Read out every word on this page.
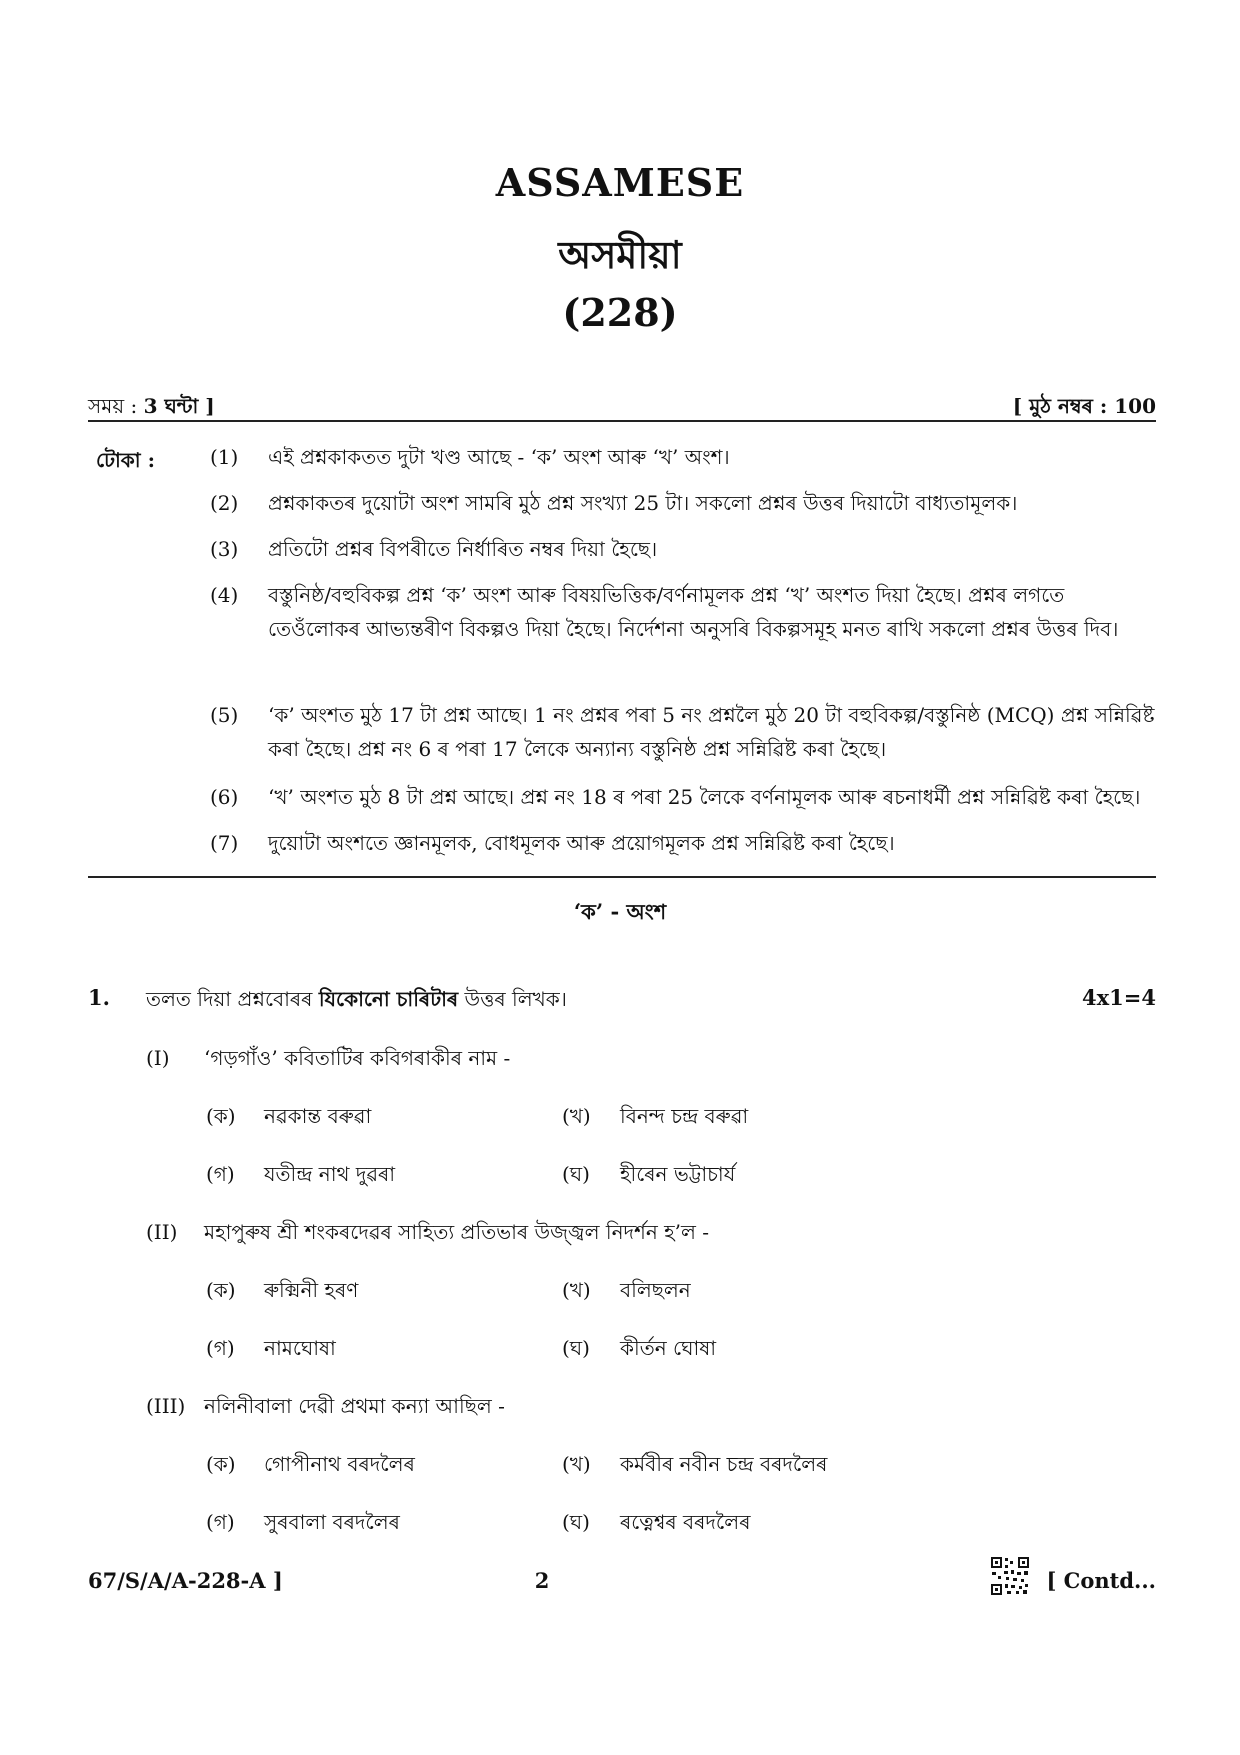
ASSAMESE
অসমীয়া
(228)
সময় : 3 ঘন্টা ]	[ মুঠ নম্বৰ : 100
টোকা :	(1)	এই প্ৰশ্নকাকতত দুটা খণ্ড আছে - ‘ক’ অংশ আৰু ‘খ’ অংশ।
(2)	প্ৰশ্নকাকতৰ দুয়োটা অংশ সামৰি মুঠ প্ৰশ্ন সংখ্যা 25 টা। সকলো প্ৰশ্নৰ উত্তৰ দিয়াটো বাধ্যতামূলক।
(3)	প্ৰতিটো প্ৰশ্নৰ বিপৰীতে নিৰ্ধাৰিত নম্বৰ দিয়া হৈছে।
(4)	বস্তুনিষ্ঠ/বহুবিকল্প প্ৰশ্ন ‘ক’ অংশ আৰু বিষয়ভিত্তিক/বৰ্ণনামূলক প্ৰশ্ন ‘খ’ অংশত দিয়া হৈছে। প্ৰশ্নৰ লগতে তেওঁলোকৰ আভ্যন্তৰীণ বিকল্পও দিয়া হৈছে। নিৰ্দেশনা অনুসৰি বিকল্পসমূহ মনত ৰাখি সকলো প্ৰশ্নৰ উত্তৰ দিব।
(5)	‘ক’ অংশত মুঠ 17 টা প্ৰশ্ন আছে। 1 নং প্ৰশ্নৰ পৰা 5 নং প্ৰশ্নলৈ মুঠ 20 টা বহুবিকল্প/বস্তুনিষ্ঠ (MCQ) প্ৰশ্ন সন্নিৱিষ্ট কৰা হৈছে। প্ৰশ্ন নং 6 ৰ পৰা 17 লৈকে অন্যান্য বস্তুনিষ্ঠ প্ৰশ্ন সন্নিৱিষ্ট কৰা হৈছে।
(6)	‘খ’ অংশত মুঠ 8 টা প্ৰশ্ন আছে। প্ৰশ্ন নং 18 ৰ পৰা 25 লৈকে বৰ্ণনামূলক আৰু ৰচনাধৰ্মী প্ৰশ্ন সন্নিৱিষ্ট কৰা হৈছে।
(7)	দুয়োটা অংশতে জ্ঞানমূলক, বোধমূলক আৰু প্ৰয়োগমূলক প্ৰশ্ন সন্নিৱিষ্ট কৰা হৈছে।
‘ক’ - অংশ
1. তলত দিয়া প্ৰশ্নবোৰৰ যিকোনো চাৰিটাৰ উত্তৰ লিখক।	4x1=4
(I) ‘গড়গাঁও’ কবিতাটিৰ কবিগৰাকীৰ নাম -
(ক) নৱকান্ত বৰুৱা	(খ) বিনন্দ চন্দ্ৰ বৰুৱা
(গ) যতীন্দ্ৰ নাথ দুৱৰা	(ঘ) হীৰেন ভট্টাচাৰ্য
(II) মহাপুৰুষ শ্ৰী শংকৰদেৱৰ সাহিত্য প্ৰতিভাৰ উজ্জ্বল নিদৰ্শন হ’ল -
(ক) ৰুক্মিনী হৰণ	(খ) বলিছলন
(গ) নামঘোষা	(ঘ) কীৰ্তন ঘোষা
(III) নলিনীবালা দেৱী প্ৰথমা কন্যা আছিল -
(ক) গোপীনাথ বৰদলৈৰ	(খ) কৰ্মবীৰ নবীন চন্দ্ৰ বৰদলৈৰ
(গ) সুৰবালা বৰদলৈৰ	(ঘ) ৰত্নেশ্বৰ বৰদলৈৰ
67/S/A/A-228-A ]	2	[ Contd...
